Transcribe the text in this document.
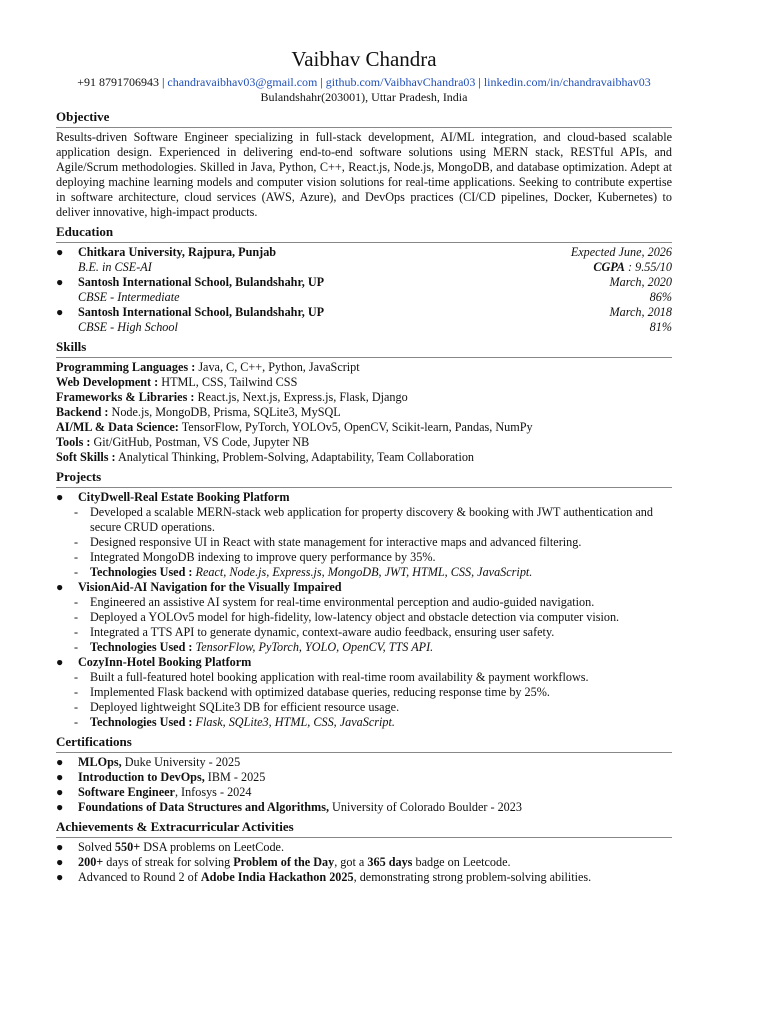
Vaibhav Chandra
+91 8791706943 | chandravaibhav03@gmail.com | github.com/VaibhavChandra03 | linkedin.com/in/chandravaibhav03
Bulandshahr(203001), Uttar Pradesh, India
Objective
Results-driven Software Engineer specializing in full-stack development, AI/ML integration, and cloud-based scalable application design. Experienced in delivering end-to-end software solutions using MERN stack, RESTful APIs, and Agile/Scrum methodologies. Skilled in Java, Python, C++, React.js, Node.js, MongoDB, and database optimization. Adept at deploying machine learning models and computer vision solutions for real-time applications. Seeking to contribute expertise in software architecture, cloud services (AWS, Azure), and DevOps practices (CI/CD pipelines, Docker, Kubernetes) to deliver innovative, high-impact products.
Education
● Chitkara University, Rajpura, Punjab	Expected June, 2026
B.E. in CSE-AI	CGPA : 9.55/10
● Santosh International School, Bulandshahr, UP	March, 2020
CBSE - Intermediate	86%
● Santosh International School, Bulandshahr, UP	March, 2018
CBSE - High School	81%
Skills
Programming Languages : Java, C, C++, Python, JavaScript
Web Development : HTML, CSS, Tailwind CSS
Frameworks & Libraries : React.js, Next.js, Express.js, Flask, Django
Backend : Node.js, MongoDB, Prisma, SQLite3, MySQL
AI/ML & Data Science: TensorFlow, PyTorch, YOLOv5, OpenCV, Scikit-learn, Pandas, NumPy
Tools : Git/GitHub, Postman, VS Code, Jupyter NB
Soft Skills : Analytical Thinking, Problem-Solving, Adaptability, Team Collaboration
Projects
● CityDwell-Real Estate Booking Platform
- Developed a scalable MERN-stack web application for property discovery & booking with JWT authentication and secure CRUD operations.
- Designed responsive UI in React with state management for interactive maps and advanced filtering.
- Integrated MongoDB indexing to improve query performance by 35%.
- Technologies Used : React, Node.js, Express.js, MongoDB, JWT, HTML, CSS, JavaScript.
● VisionAid-AI Navigation for the Visually Impaired
- Engineered an assistive AI system for real-time environmental perception and audio-guided navigation.
- Deployed a YOLOv5 model for high-fidelity, low-latency object and obstacle detection via computer vision.
- Integrated a TTS API to generate dynamic, context-aware audio feedback, ensuring user safety.
- Technologies Used : TensorFlow, PyTorch, YOLO, OpenCV, TTS API.
● CozyInn-Hotel Booking Platform
- Built a full-featured hotel booking application with real-time room availability & payment workflows.
- Implemented Flask backend with optimized database queries, reducing response time by 25%.
- Deployed lightweight SQLite3 DB for efficient resource usage.
- Technologies Used : Flask, SQLite3, HTML, CSS, JavaScript.
Certifications
● MLOps, Duke University - 2025
● Introduction to DevOps, IBM - 2025
● Software Engineer, Infosys - 2024
● Foundations of Data Structures and Algorithms, University of Colorado Boulder - 2023
Achievements & Extracurricular Activities
● Solved 550+ DSA problems on LeetCode.
● 200+ days of streak for solving Problem of the Day, got a 365 days badge on Leetcode.
● Advanced to Round 2 of Adobe India Hackathon 2025, demonstrating strong problem-solving abilities.
